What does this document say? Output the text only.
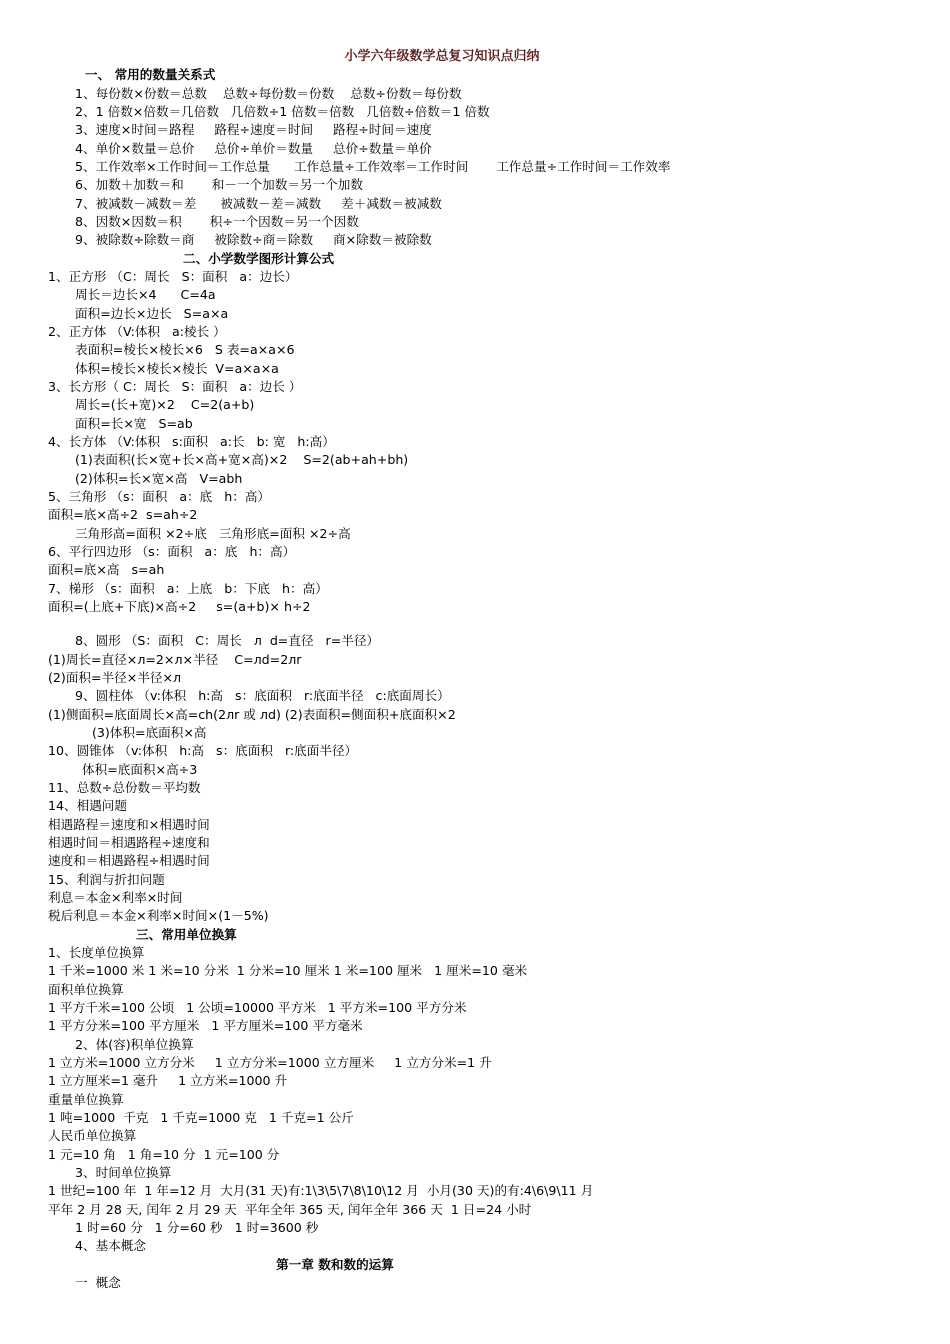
小学六年级数学总复习知识点归纳
一、 常用的数量关系式
1、每份数×份数＝总数    总数÷每份数＝份数    总数÷份数＝每份数
2、1 倍数×倍数＝几倍数   几倍数÷1 倍数＝倍数   几倍数÷倍数＝1 倍数
3、速度×时间＝路程     路程÷速度＝时间     路程÷时间＝速度
4、单价×数量＝总价     总价÷单价＝数量     总价÷数量＝单价
5、工作效率×工作时间＝工作总量      工作总量÷工作效率＝工作时间       工作总量÷工作时间＝工作效率
6、加数＋加数＝和       和－一个加数＝另一个加数
7、被减数－减数＝差      被减数－差＝减数     差＋减数＝被减数
8、因数×因数＝积       积÷一个因数＝另一个因数
9、被除数÷除数＝商     被除数÷商＝除数     商×除数＝被除数
二、小学数学图形计算公式
1、正方形 （C：周长   S：面积   a：边长）
周长＝边长×4      C=4a
面积=边长×边长   S=a×a
2、正方体 （V:体积   a:棱长 ）
表面积=棱长×棱长×6   S 表=a×a×6
体积=棱长×棱长×棱长  V=a×a×a
3、长方形（ C：周长   S：面积   a：边长 ）
周长=(长+宽)×2    C=2(a+b)
面积=长×宽   S=ab
4、长方体 （V:体积   s:面积   a:长   b: 宽   h:高）
(1)表面积(长×宽+长×高+宽×高)×2    S=2(ab+ah+bh)
(2)体积=长×宽×高   V=abh
5、三角形 （s：面积   a：底   h：高）
面积=底×高÷2  s=ah÷2
三角形高=面积 ×2÷底   三角形底=面积 ×2÷高
6、平行四边形 （s：面积   a：底   h：高）
面积=底×高   s=ah
7、梯形 （s：面积   a：上底   b：下底   h：高）
面积=(上底+下底)×高÷2     s=(a+b)× h÷2
8、圆形 （S：面积   C：周长   л  d=直径   r=半径）
(1)周长=直径×л=2×л×半径    C=лd=2лr
(2)面积=半径×半径×л
9、圆柱体 （v:体积   h:高   s：底面积   r:底面半径   c:底面周长）
(1)侧面积=底面周长×高=ch(2лr 或 лd) (2)表面积=侧面积+底面积×2
(3)体积=底面积×高
10、圆锥体 （v:体积   h:高   s：底面积   r:底面半径）
体积=底面积×高÷3
11、总数÷总份数＝平均数
14、相遇问题
相遇路程＝速度和×相遇时间
相遇时间＝相遇路程÷速度和
速度和＝相遇路程÷相遇时间
15、利润与折扣问题
利息＝本金×利率×时间
税后利息＝本金×利率×时间×(1－5%)
三、常用单位换算
1、长度单位换算
1 千米=1000 米 1 米=10 分米  1 分米=10 厘米 1 米=100 厘米   1 厘米=10 毫米
面积单位换算
1 平方千米=100 公顷   1 公顷=10000 平方米   1 平方米=100 平方分米
1 平方分米=100 平方厘米   1 平方厘米=100 平方毫米
2、体(容)积单位换算
1 立方米=1000 立方分米     1 立方分米=1000 立方厘米     1 立方分米=1 升
1 立方厘米=1 毫升     1 立方米=1000 升
重量单位换算
1 吨=1000  千克   1 千克=1000 克   1 千克=1 公斤
人民币单位换算
1 元=10 角   1 角=10 分  1 元=100 分
3、时间单位换算
1 世纪=100 年  1 年=12 月  大月(31 天)有:1\3\5\7\8\10\12 月  小月(30 天)的有:4\6\9\11 月
平年 2 月 28 天, 闰年 2 月 29 天  平年全年 365 天, 闰年全年 366 天  1 日=24 小时
1 时=60 分   1 分=60 秒   1 时=3600 秒
4、基本概念
第一章 数和数的运算
一  概念
